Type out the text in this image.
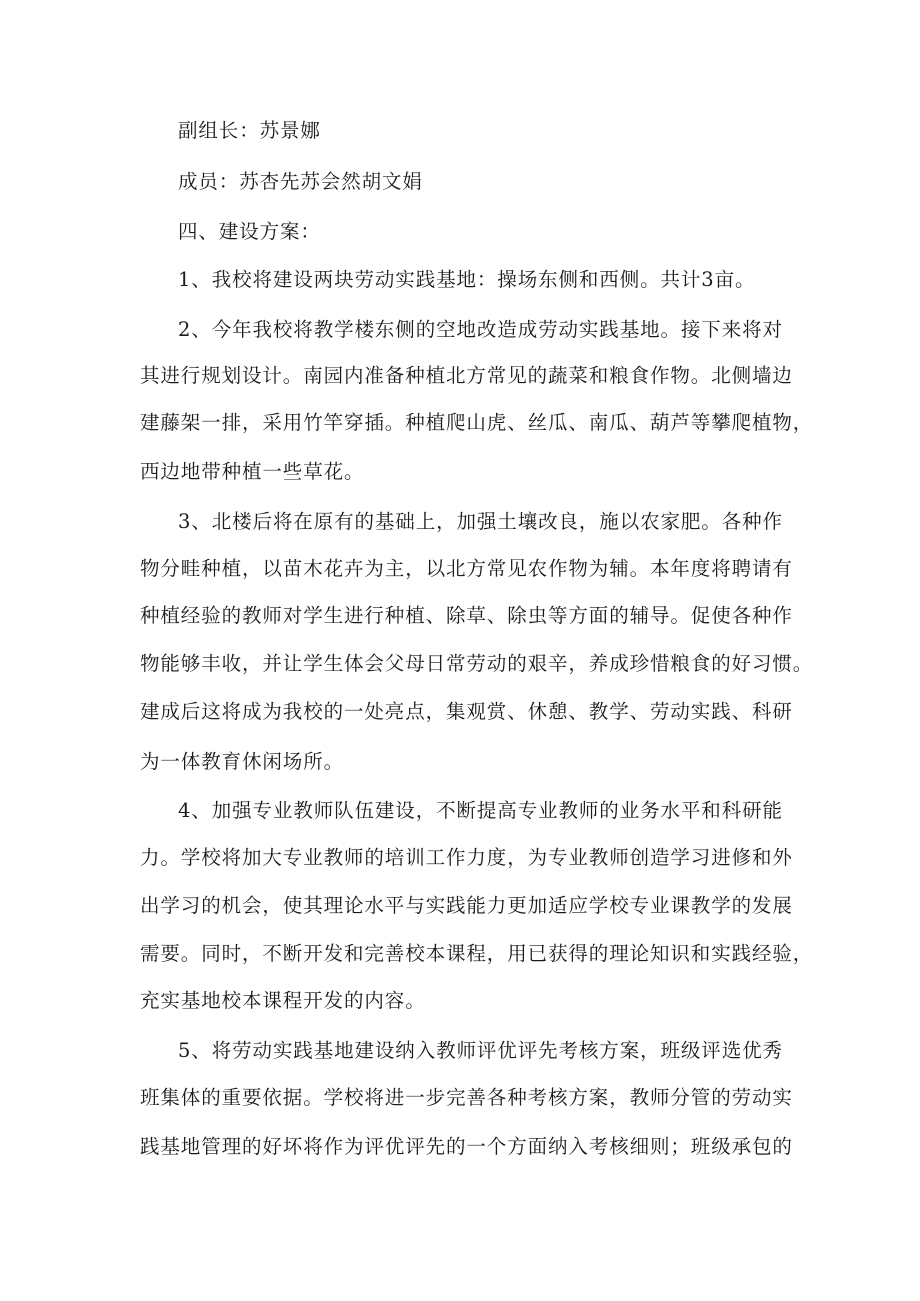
副组长：苏景娜
成员：苏杏先苏会然胡文娟
四、建设方案：
1、我校将建设两块劳动实践基地：操场东侧和西侧。共计3亩。
2、今年我校将教学楼东侧的空地改造成劳动实践基地。接下来将对
其进行规划设计。南园内准备种植北方常见的蔬菜和粮食作物。北侧墙边
建藤架一排，采用竹竿穿插。种植爬山虎、丝瓜、南瓜、葫芦等攀爬植物，
西边地带种植一些草花。
3、北楼后将在原有的基础上，加强土壤改良，施以农家肥。各种作
物分畦种植，以苗木花卉为主，以北方常见农作物为辅。本年度将聘请有
种植经验的教师对学生进行种植、除草、除虫等方面的辅导。促使各种作
物能够丰收，并让学生体会父母日常劳动的艰辛，养成珍惜粮食的好习惯。
建成后这将成为我校的一处亮点，集观赏、休憩、教学、劳动实践、科研
为一体教育休闲场所。
4、加强专业教师队伍建设，不断提高专业教师的业务水平和科研能
力。学校将加大专业教师的培训工作力度，为专业教师创造学习进修和外
出学习的机会，使其理论水平与实践能力更加适应学校专业课教学的发展
需要。同时，不断开发和完善校本课程，用已获得的理论知识和实践经验，
充实基地校本课程开发的内容。
5、将劳动实践基地建设纳入教师评优评先考核方案，班级评选优秀
班集体的重要依据。学校将进一步完善各种考核方案，教师分管的劳动实
践基地管理的好坏将作为评优评先的一个方面纳入考核细则；班级承包的
